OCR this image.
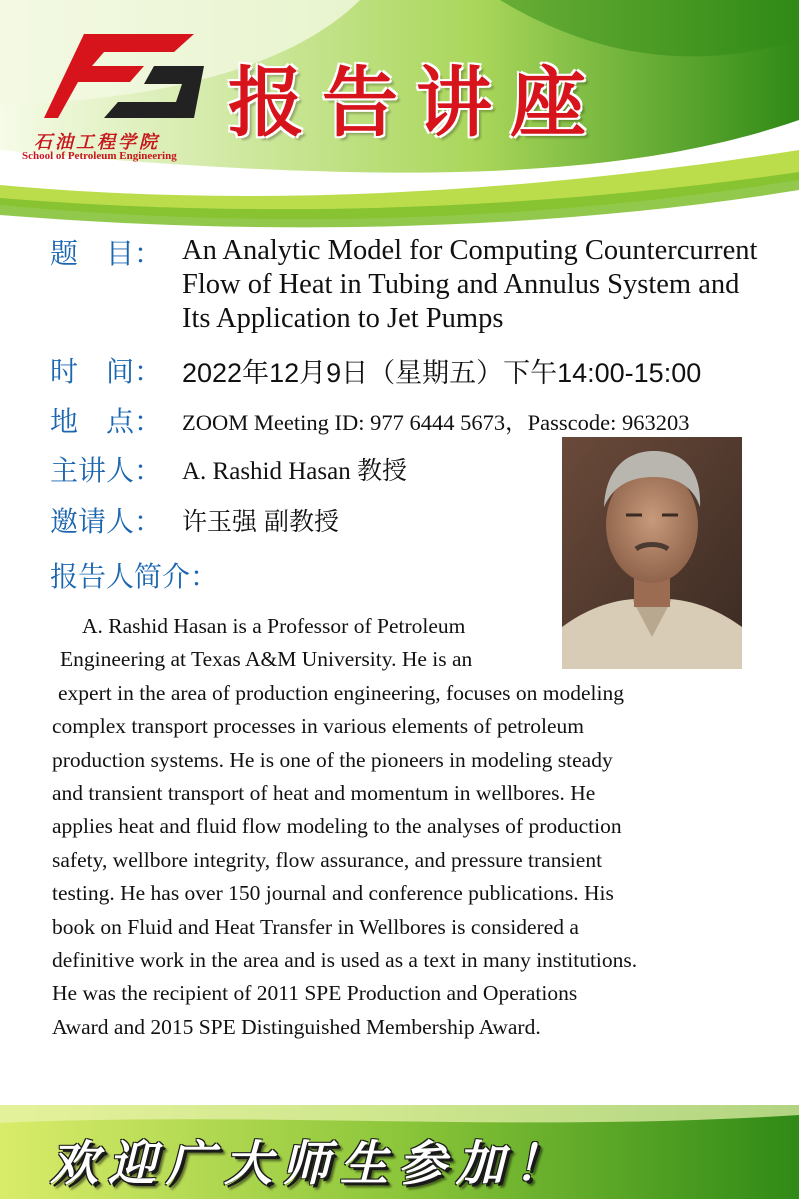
石油工程学院
School of Petroleum Engineering
报告讲座
题　目： An Analytic Model for Computing Countercurrent
Flow of Heat in Tubing and Annulus System and
Its Application to Jet Pumps
时　间： 2022年12月9日（星期五）下午14:00-15:00
地　点： ZOOM Meeting ID: 977 6444 5673，Passcode: 963203
主讲人： A. Rashid Hasan 教授
邀请人： 许玉强 副教授
报告人简介：
A. Rashid Hasan is a Professor of Petroleum
Engineering at Texas A&M University. He is an
expert in the area of production engineering, focuses on modeling
complex transport processes in various elements of petroleum
production systems. He is one of the pioneers in modeling steady
and transient transport of heat and momentum in wellbores. He
applies heat and fluid flow modeling to the analyses of production
safety, wellbore integrity, flow assurance, and pressure transient
testing. He has over 150 journal and conference publications. His
book on Fluid and Heat Transfer in Wellbores is considered a
definitive work in the area and is used as a text in many institutions.
He was the recipient of 2011 SPE Production and Operations
Award and 2015 SPE Distinguished Membership Award.
欢迎广大师生参加！
